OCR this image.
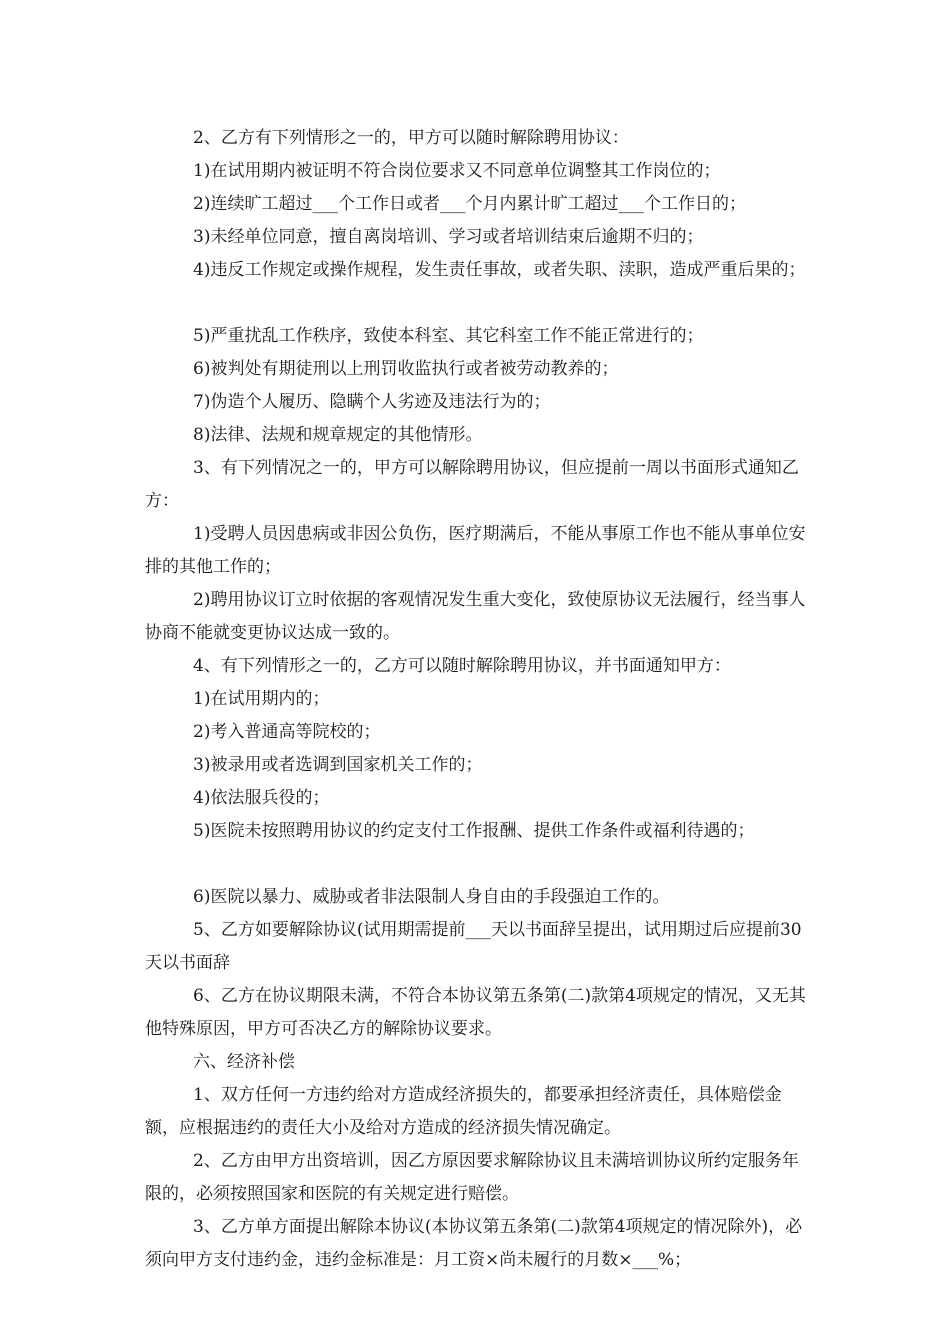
2、乙方有下列情形之一的，甲方可以随时解除聘用协议：

1)在试用期内被证明不符合岗位要求又不同意单位调整其工作岗位的；

2)连续旷工超过___个工作日或者___个月内累计旷工超过___个工作日的；

3)未经单位同意，擅自离岗培训、学习或者培训结束后逾期不归的；

4)违反工作规定或操作规程，发生责任事故，或者失职、渎职，造成严重后果的；

5)严重扰乱工作秩序，致使本科室、其它科室工作不能正常进行的；

6)被判处有期徒刑以上刑罚收监执行或者被劳动教养的；

7)伪造个人履历、隐瞒个人劣迹及违法行为的；

8)法律、法规和规章规定的其他情形。

3、有下列情况之一的，甲方可以解除聘用协议，但应提前一周以书面形式通知乙方：

1)受聘人员因患病或非因公负伤，医疗期满后，不能从事原工作也不能从事单位安排的其他工作的；

2)聘用协议订立时依据的客观情况发生重大变化，致使原协议无法履行，经当事人协商不能就变更协议达成一致的。

4、有下列情形之一的，乙方可以随时解除聘用协议，并书面通知甲方：

1)在试用期内的；

2)考入普通高等院校的；

3)被录用或者选调到国家机关工作的；

4)依法服兵役的；

5)医院未按照聘用协议的约定支付工作报酬、提供工作条件或福利待遇的；

6)医院以暴力、威胁或者非法限制人身自由的手段强迫工作的。

5、乙方如要解除协议(试用期需提前___天以书面辞呈提出，试用期过后应提前30天以书面辞

6、乙方在协议期限未满，不符合本协议第五条第(二)款第4项规定的情况，又无其他特殊原因，甲方可否决乙方的解除协议要求。

六、经济补偿

1、双方任何一方违约给对方造成经济损失的，都要承担经济责任，具体赔偿金额，应根据违约的责任大小及给对方造成的经济损失情况确定。

2、乙方由甲方出资培训，因乙方原因要求解除协议且未满培训协议所约定服务年限的，必须按照国家和医院的有关规定进行赔偿。

3、乙方单方面提出解除本协议(本协议第五条第(二)款第4项规定的情况除外)，必须向甲方支付违约金，违约金标准是：月工资×尚未履行的月数×___%；
